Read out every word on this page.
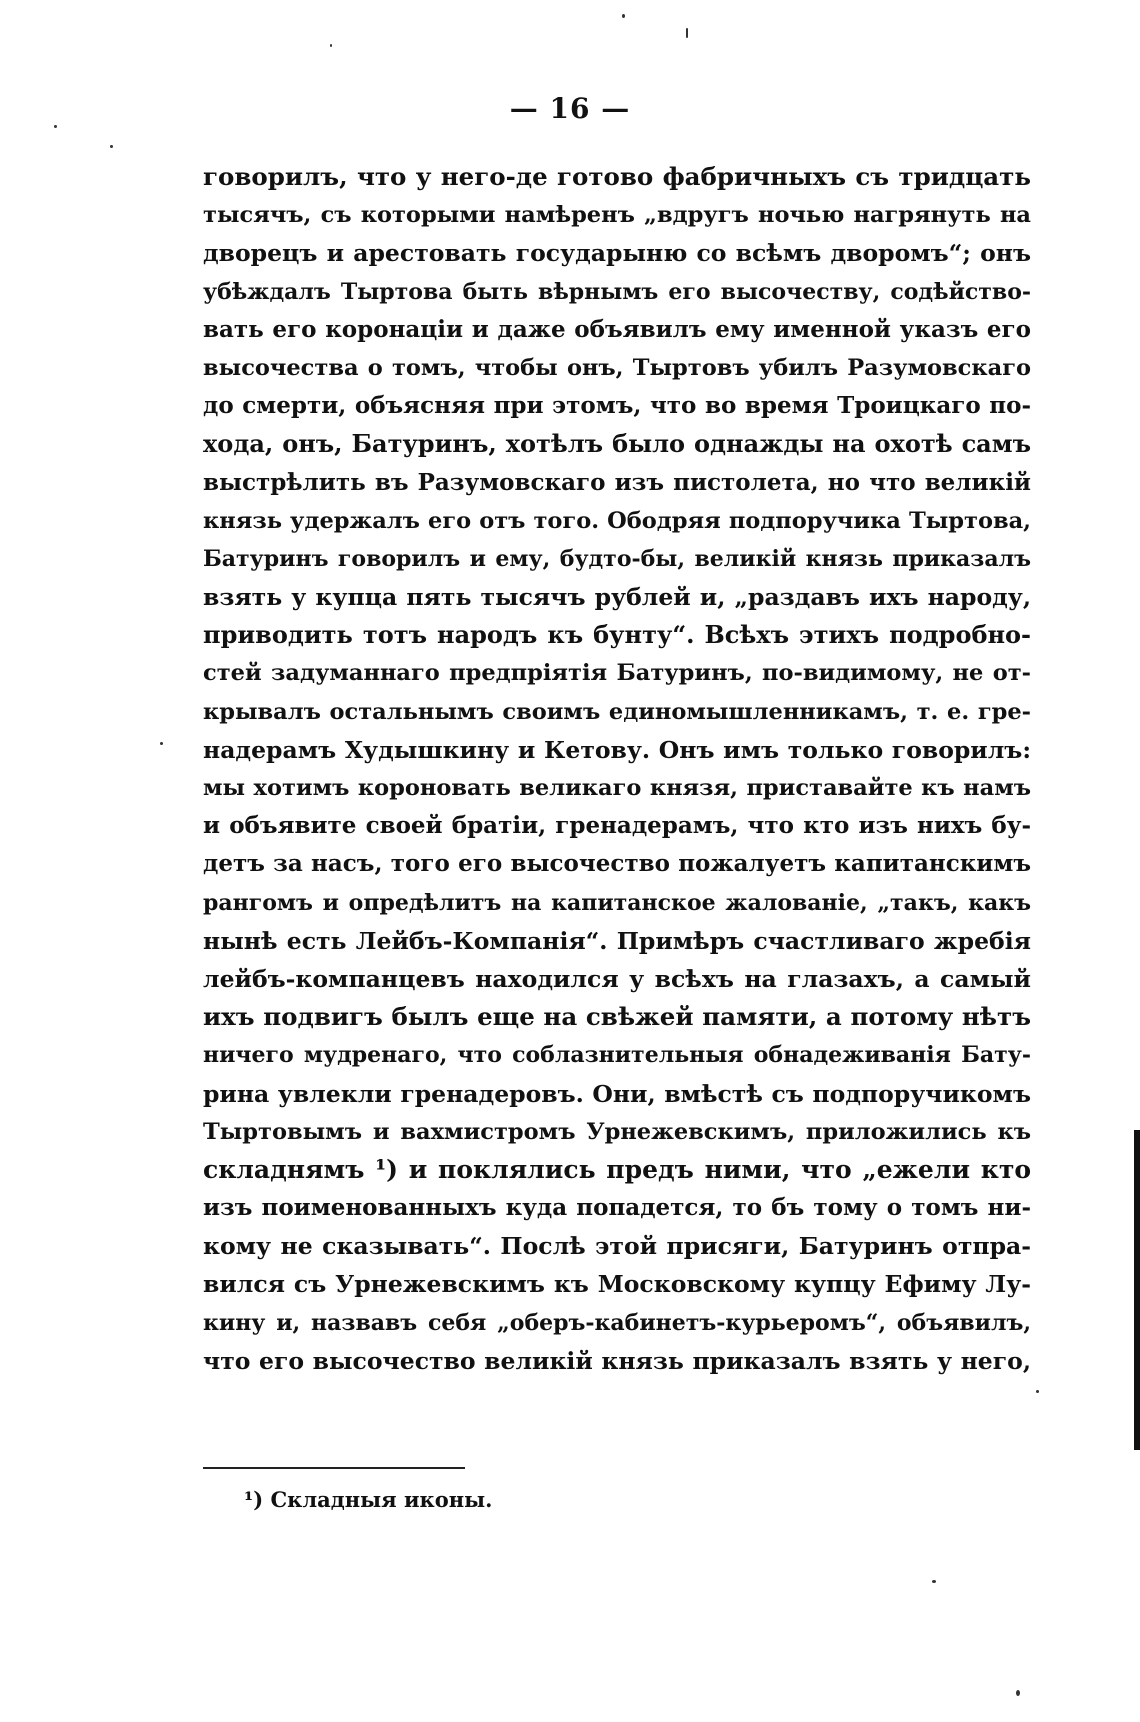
— 16 —
говорилъ, что у него-де готово фабричныхъ съ тридцать
тысячъ, съ которыми намѣренъ „вдругъ ночью нагрянуть на
дворецъ и арестовать государыню со всѣмъ дворомъ“; онъ
убѣждалъ Тыртова быть вѣрнымъ его высочеству, содѣйство-
вать его коронаціи и даже объявилъ ему именной указъ его
высочества о томъ, чтобы онъ, Тыртовъ убилъ Разумовскаго
до смерти, объясняя при этомъ, что во время Троицкаго по-
хода, онъ, Батуринъ, хотѣлъ было однажды на охотѣ самъ
выстрѣлить въ Разумовскаго изъ пистолета, но что великій
князь удержалъ его отъ того. Ободряя подпоручика Тыртова,
Батуринъ говорилъ и ему, будто-бы, великій князь приказалъ
взять у купца пять тысячъ рублей и, „раздавъ ихъ народу,
приводить тотъ народъ къ бунту“. Всѣхъ этихъ подробно-
стей задуманнаго предпріятія Батуринъ, по-видимому, не от-
крывалъ остальнымъ своимъ единомышленникамъ, т. е. гре-
надерамъ Худышкину и Кетову. Онъ имъ только говорилъ:
мы хотимъ короновать великаго князя, приставайте къ намъ
и объявите своей братіи, гренадерамъ, что кто изъ нихъ бу-
детъ за насъ, того его высочество пожалуетъ капитанскимъ
рангомъ и опредѣлитъ на капитанское жалованіе, „такъ, какъ
нынѣ есть Лейбъ-Компанія“. Примѣръ счастливаго жребія
лейбъ-компанцевъ находился у всѣхъ на глазахъ, а самый
ихъ подвигъ былъ еще на свѣжей памяти, а потому нѣтъ
ничего мудренаго, что соблазнительныя обнадеживанія Бату-
рина увлекли гренадеровъ. Они, вмѣстѣ съ подпоручикомъ
Тыртовымъ и вахмистромъ Урнежевскимъ, приложились къ
складнямъ ¹) и поклялись предъ ними, что „ежели кто
изъ поименованныхъ куда попадется, то бъ тому о томъ ни-
кому не сказывать“. Послѣ этой присяги, Батуринъ отпра-
вился съ Урнежевскимъ къ Московскому купцу Ефиму Лу-
кину и, назвавъ себя „оберъ-кабинетъ-курьеромъ“, объявилъ,
что его высочество великій князь приказалъ взять у него,
¹) Складныя иконы.
